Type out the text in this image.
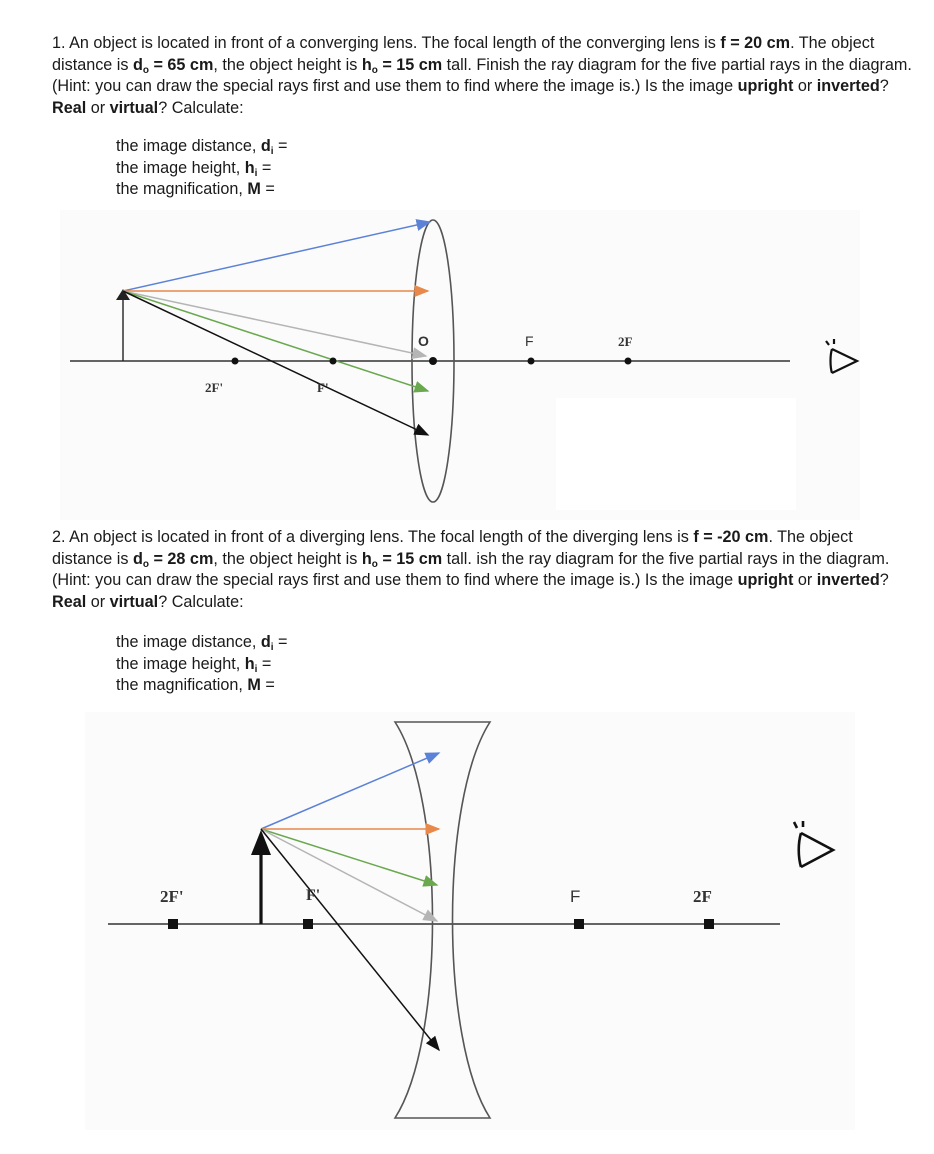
1. An object is located in front of a converging lens. The focal length of the converging lens is f = 20 cm. The object distance is $d_o = 65$ cm, the object height is $h_o = 15$ cm tall. Finish the ray diagram for the five partial rays in the diagram. (Hint: you can draw the special rays first and use them to find where the image is.) Is the image upright or inverted? Real or virtual? Calculate:

the image distance, $d_i$ =
the image height, $h_i$ =
the magnification, M =
2F'	F'
O	F	2F

2. An object is located in front of a diverging lens. The focal length of the diverging lens is f = -20 cm. The object distance is $d_o = 28$ cm, the object height is $h_o = 15$ cm tall. ish the ray diagram for the five partial rays in the diagram. (Hint: you can draw the special rays first and use them to find where the image is.) Is the image upright or inverted? Real or virtual? Calculate:

the image distance, $d_i$ =
the image height, $h_i$ =
the magnification, M =
2F'	F'	F	2F
